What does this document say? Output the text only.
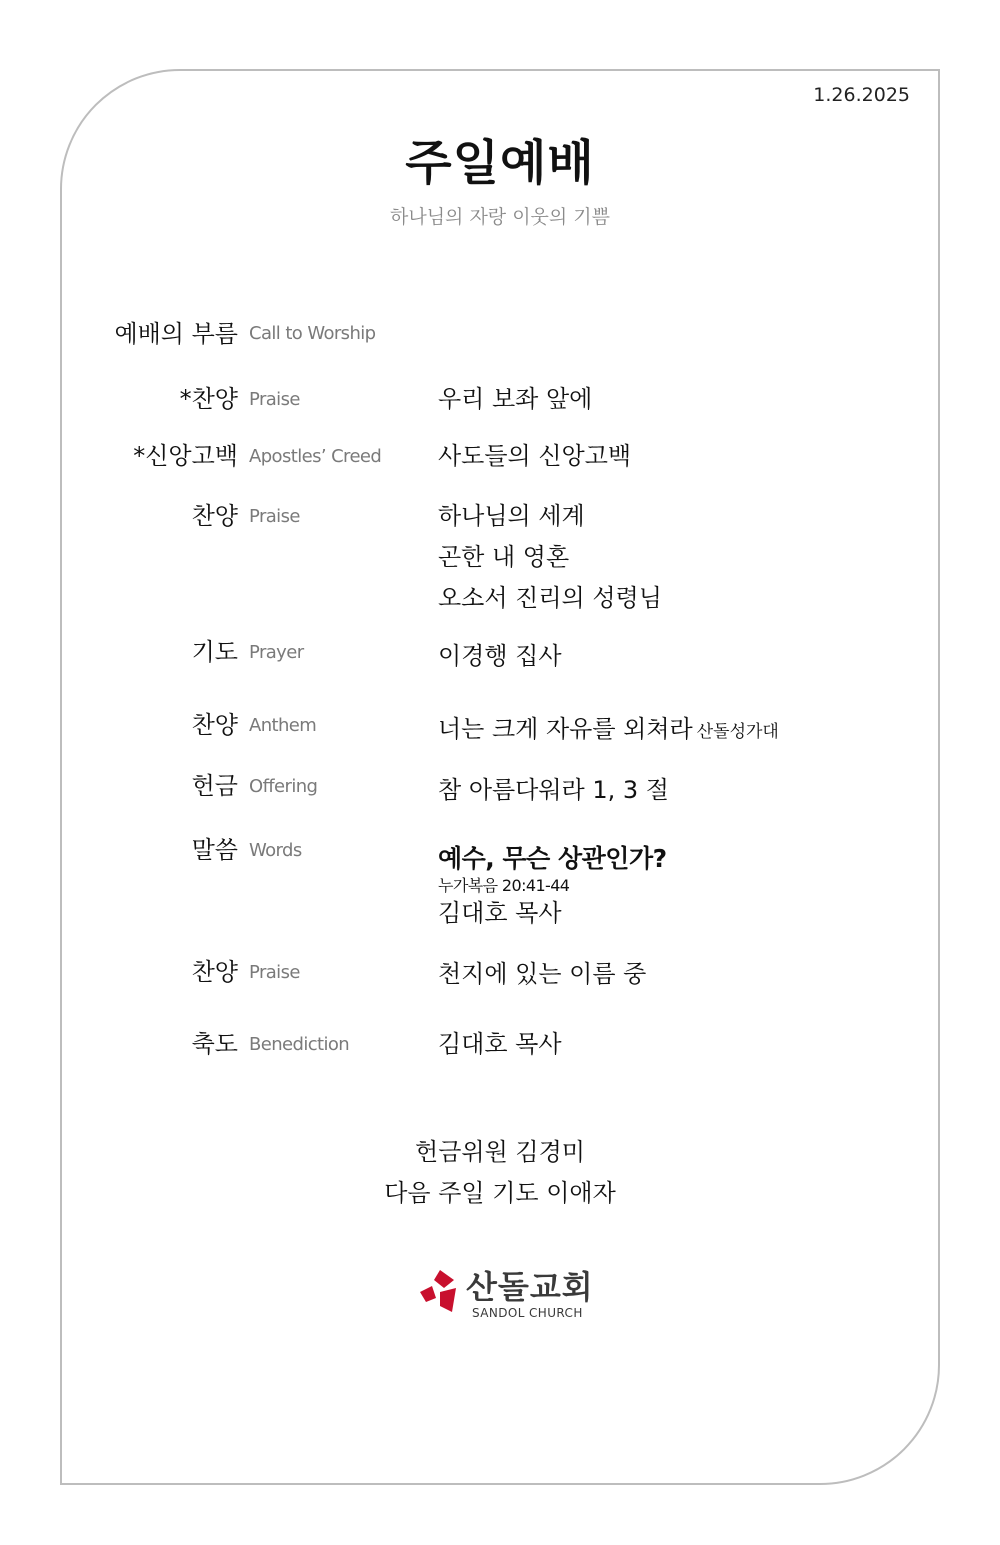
1.26.2025
주일예배
하나님의 자랑 이웃의 기쁨
예배의 부름 Call to Worship
*찬양 Praise	우리 보좌 앞에
*신앙고백 Apostles’ Creed 사도들의 신앙고백
찬양 Praise	하나님의 세계
곤한 내 영혼
오소서 진리의 성령님
기도 Prayer	이경행 집사
찬양 Anthem	너는 크게 자유를 외쳐라 산돌성가대
헌금 Offering	참 아름다워라 1, 3 절
말씀 Words	예수, 무슨 상관인가?
누가복음 20:41-44
김대호 목사
찬양 Praise	천지에 있는 이름 중
축도 Benediction	김대호 목사
헌금위원 김경미
다음 주일 기도 이애자
산돌교회
SANDOL CHURCH
